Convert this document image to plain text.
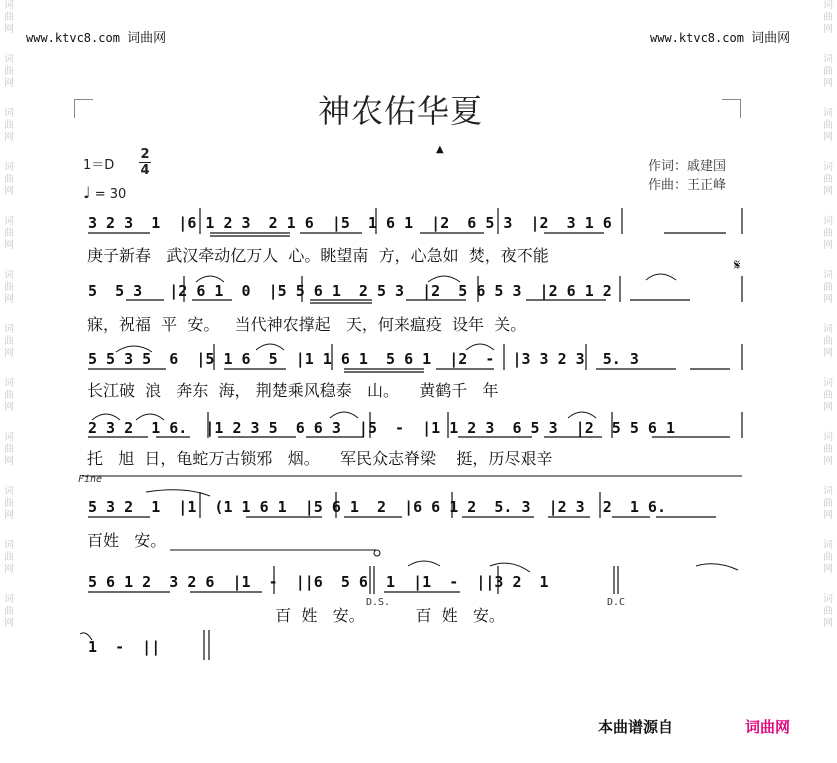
词
曲
网
词
曲
网
词
曲
网
词
曲
网
词
曲
网
词
曲
网
词
曲
网
词
曲
网
词
曲
网
词
曲
网
词
曲
网
词
曲
网
词
曲
网
词
曲
网
词
曲
网
词
曲
网
词
曲
网
词
曲
网
词
曲
网
词
曲
网
词
曲
网
词
曲
网
词
曲
网
词
曲
网
www.ktvc8.com 词曲网	www.ktvc8.com 词曲网
神农佑华夏
▲
1＝D
2
4
♩ = 30
作词：戚建国
作曲：王正峰
3 2 3  1  |6 1 2 3  2 1 6  |5  1 6 1  |2  6 5 3  |2  3 1 6
庚子新春   武汉牵动亿万人  心。眺望南  方，心急如  焚，夜不能
5  5 3   |2 6 1  0  |5 5 6 1  2 5 3  |2  5 6 5 3  |2 6 1 2
寐，祝福  平  安。   当代神农撑起   天，何来瘟疫  设年  关。
5 5 3 5  6  |5 1 6  5  |1 1 6 1  5 6 1  |2  -  |3 3 2 3  5. 3
长江破  浪   奔东  海， 荆楚乘风稳泰   山。    黄鹤千   年
2 3 2  1 6.  |1 2 3 5  6 6 3  |5  -  |1 1 2 3  6 5 3  |2  5 5 6 1
托   旭  日，龟蛇万古锁邪   烟。    军民众志脊梁    挺，历尽艰辛
5 3 2  1  |1  (1 1 6 1  |5 6 1  2  |6 6 1 2  5. 3  |2 3  2  1 6.
百姓   安。
5 6 1 2  3 2 6  |1  -  ||6  5 6  1  |1  -  ||3 2  1
百  姓   安。          百  姓   安。
1  -  ||
𝄋
Fine
D.S.	D.C
本曲谱源自	词曲网
